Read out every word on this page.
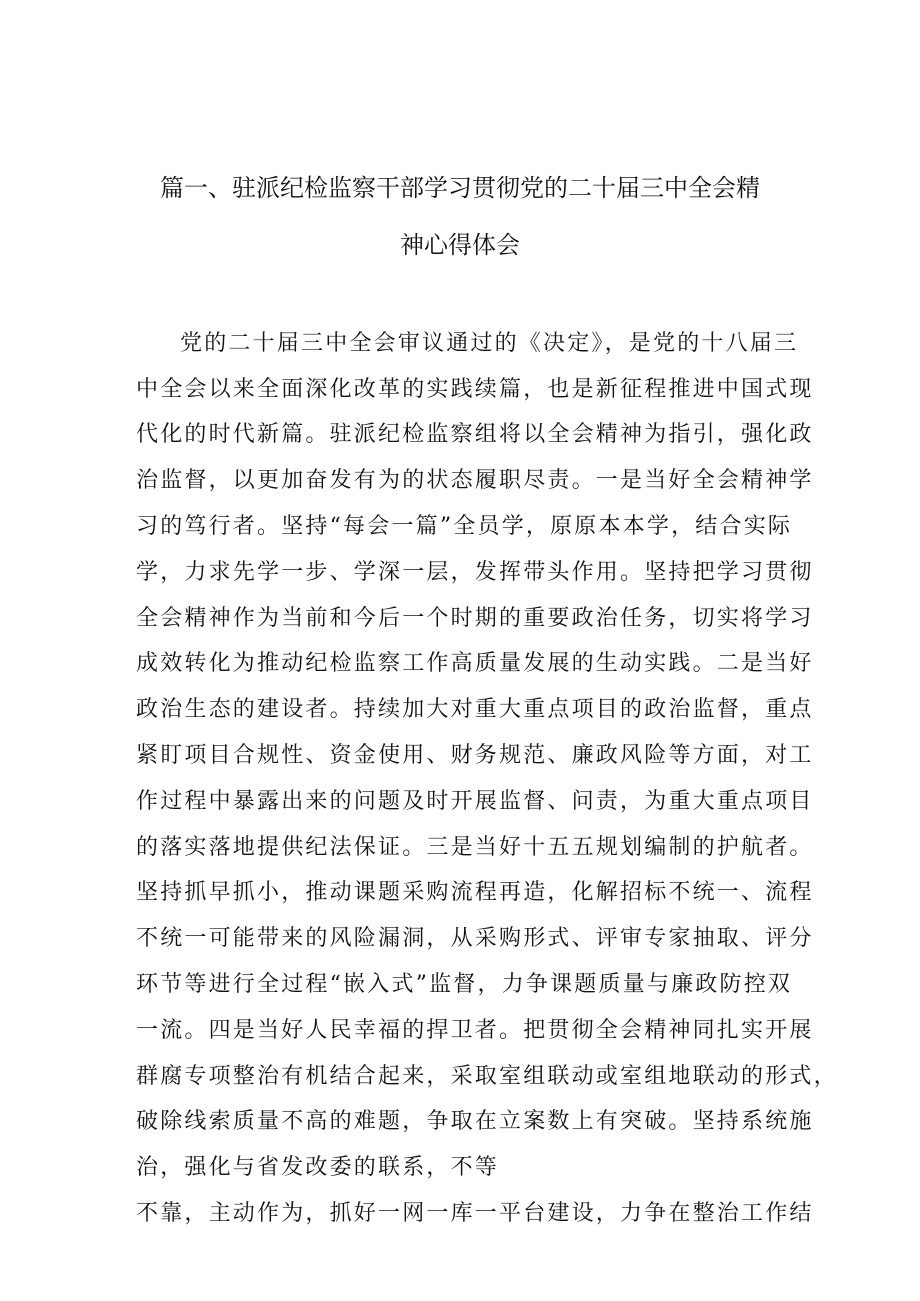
篇一、驻派纪检监察干部学习贯彻党的二十届三中全会精
神心得体会
党的二十届三中全会审议通过的《决定》，是党的十八届三
中全会以来全面深化改革的实践续篇，也是新征程推进中国式现
代化的时代新篇。驻派纪检监察组将以全会精神为指引，强化政
治监督，以更加奋发有为的状态履职尽责。一是当好全会精神学
习的笃行者。坚持“每会一篇”全员学，原原本本学，结合实际
学，力求先学一步、学深一层，发挥带头作用。坚持把学习贯彻
全会精神作为当前和今后一个时期的重要政治任务，切实将学习
成效转化为推动纪检监察工作高质量发展的生动实践。二是当好
政治生态的建设者。持续加大对重大重点项目的政治监督，重点
紧盯项目合规性、资金使用、财务规范、廉政风险等方面，对工
作过程中暴露出来的问题及时开展监督、问责，为重大重点项目
的落实落地提供纪法保证。三是当好十五五规划编制的护航者。
坚持抓早抓小，推动课题采购流程再造，化解招标不统一、流程
不统一可能带来的风险漏洞，从采购形式、评审专家抽取、评分
环节等进行全过程“嵌入式”监督，力争课题质量与廉政防控双
一流。四是当好人民幸福的捍卫者。把贯彻全会精神同扎实开展
群腐专项整治有机结合起来，采取室组联动或室组地联动的形式，
破除线索质量不高的难题，争取在立案数上有突破。坚持系统施
治，强化与省发改委的联系，不等
不靠，主动作为，抓好一网一库一平台建设，力争在整治工作结
